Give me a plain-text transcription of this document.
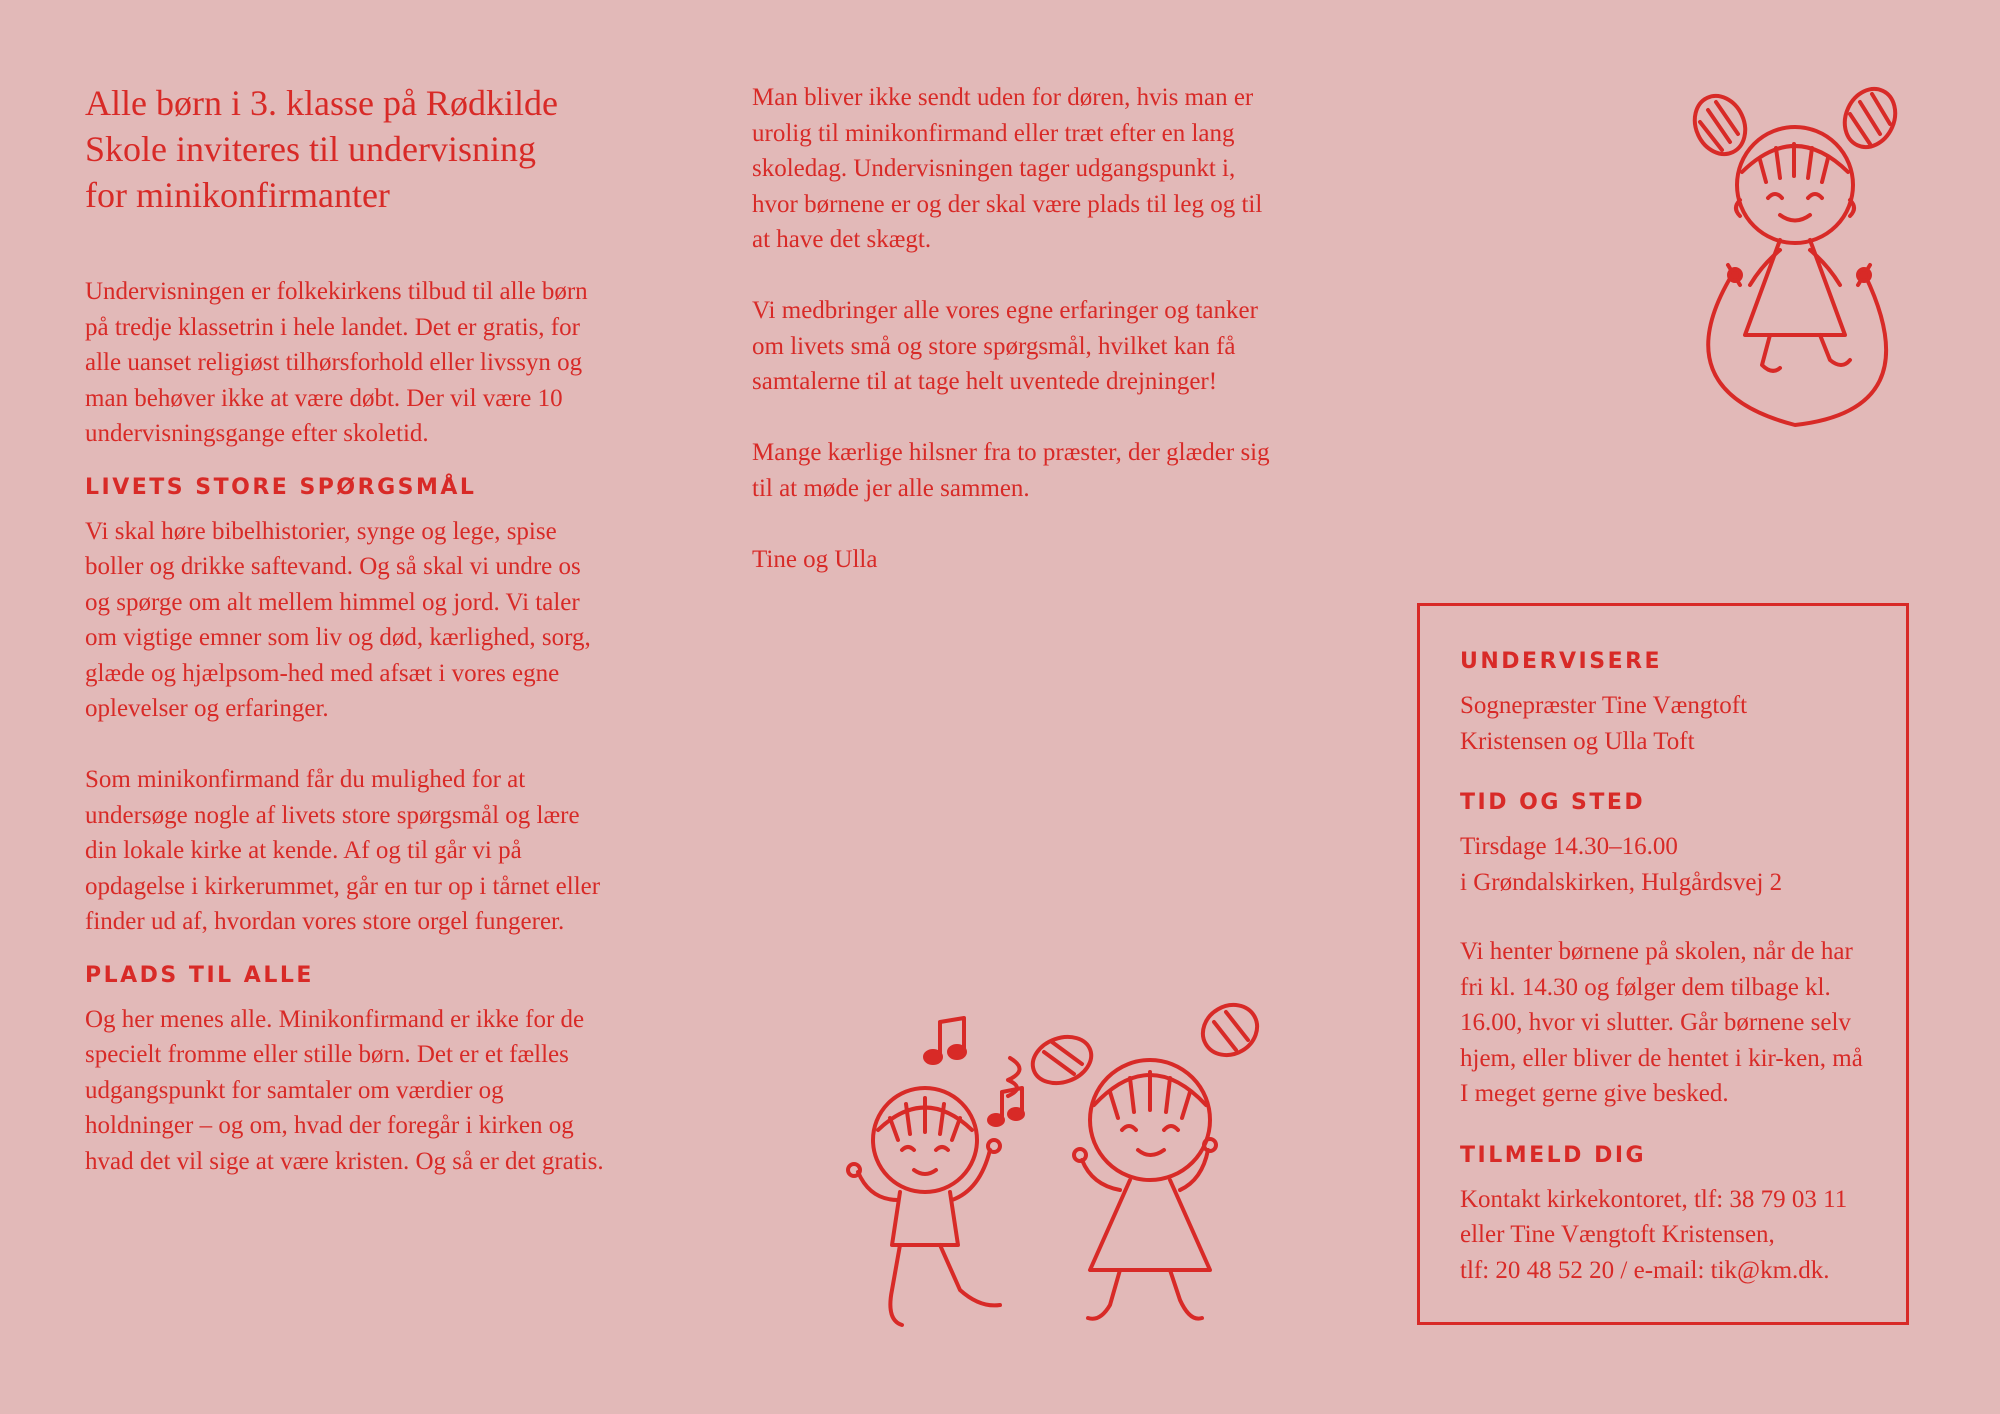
Alle børn i 3. klasse på Rødkilde
Skole inviteres til undervisning
for minikonfirmanter

Undervisningen er folkekirkens tilbud til alle børn på tredje klassetrin i hele landet. Det er gratis, for alle uanset religiøst tilhørsforhold eller livssyn og man behøver ikke at være døbt. Der vil være 10 undervisningsgange efter skoletid.

LIVETS STORE SPØRGSMÅL

Vi skal høre bibelhistorier, synge og lege, spise boller og drikke saftevand. Og så skal vi undre os og spørge om alt mellem himmel og jord. Vi taler om vigtige emner som liv og død, kærlighed, sorg, glæde og hjælpsom-hed med afsæt i vores egne oplevelser og erfaringer.

Som minikonfirmand får du mulighed for at undersøge nogle af livets store spørgsmål og lære din lokale kirke at kende. Af og til går vi på opdagelse i kirkerummet, går en tur op i tårnet eller finder ud af, hvordan vores store orgel fungerer.

PLADS TIL ALLE

Og her menes alle. Minikonfirmand er ikke for de specielt fromme eller stille børn. Det er et fælles udgangspunkt for samtaler om værdier og holdninger – og om, hvad der foregår i kirken og hvad det vil sige at være kristen. Og så er det gratis.

Man bliver ikke sendt uden for døren, hvis man er urolig til minikonfirmand eller træt efter en lang skoledag. Undervisningen tager udgangspunkt i, hvor børnene er og der skal være plads til leg og til at have det skægt.

Vi medbringer alle vores egne erfaringer og tanker om livets små og store spørgsmål, hvilket kan få samtalerne til at tage helt uventede drejninger!

Mange kærlige hilsner fra to præster, der glæder sig til at møde jer alle sammen.

Tine og Ulla

UNDERVISERE

Sognepræster Tine Vængtoft
Kristensen og Ulla Toft

TID OG STED

Tirsdage 14.30–16.00
i Grøndalskirken, Hulgårdsvej 2

Vi henter børnene på skolen, når de har fri kl. 14.30 og følger dem tilbage kl. 16.00, hvor vi slutter. Går børnene selv hjem, eller bliver de hentet i kir-ken, må I meget gerne give besked.

TILMELD DIG

Kontakt kirkekontoret, tlf: 38 79 03 11
eller Tine Vængtoft Kristensen,
tlf: 20 48 52 20 / e-mail: tik@km.dk.
